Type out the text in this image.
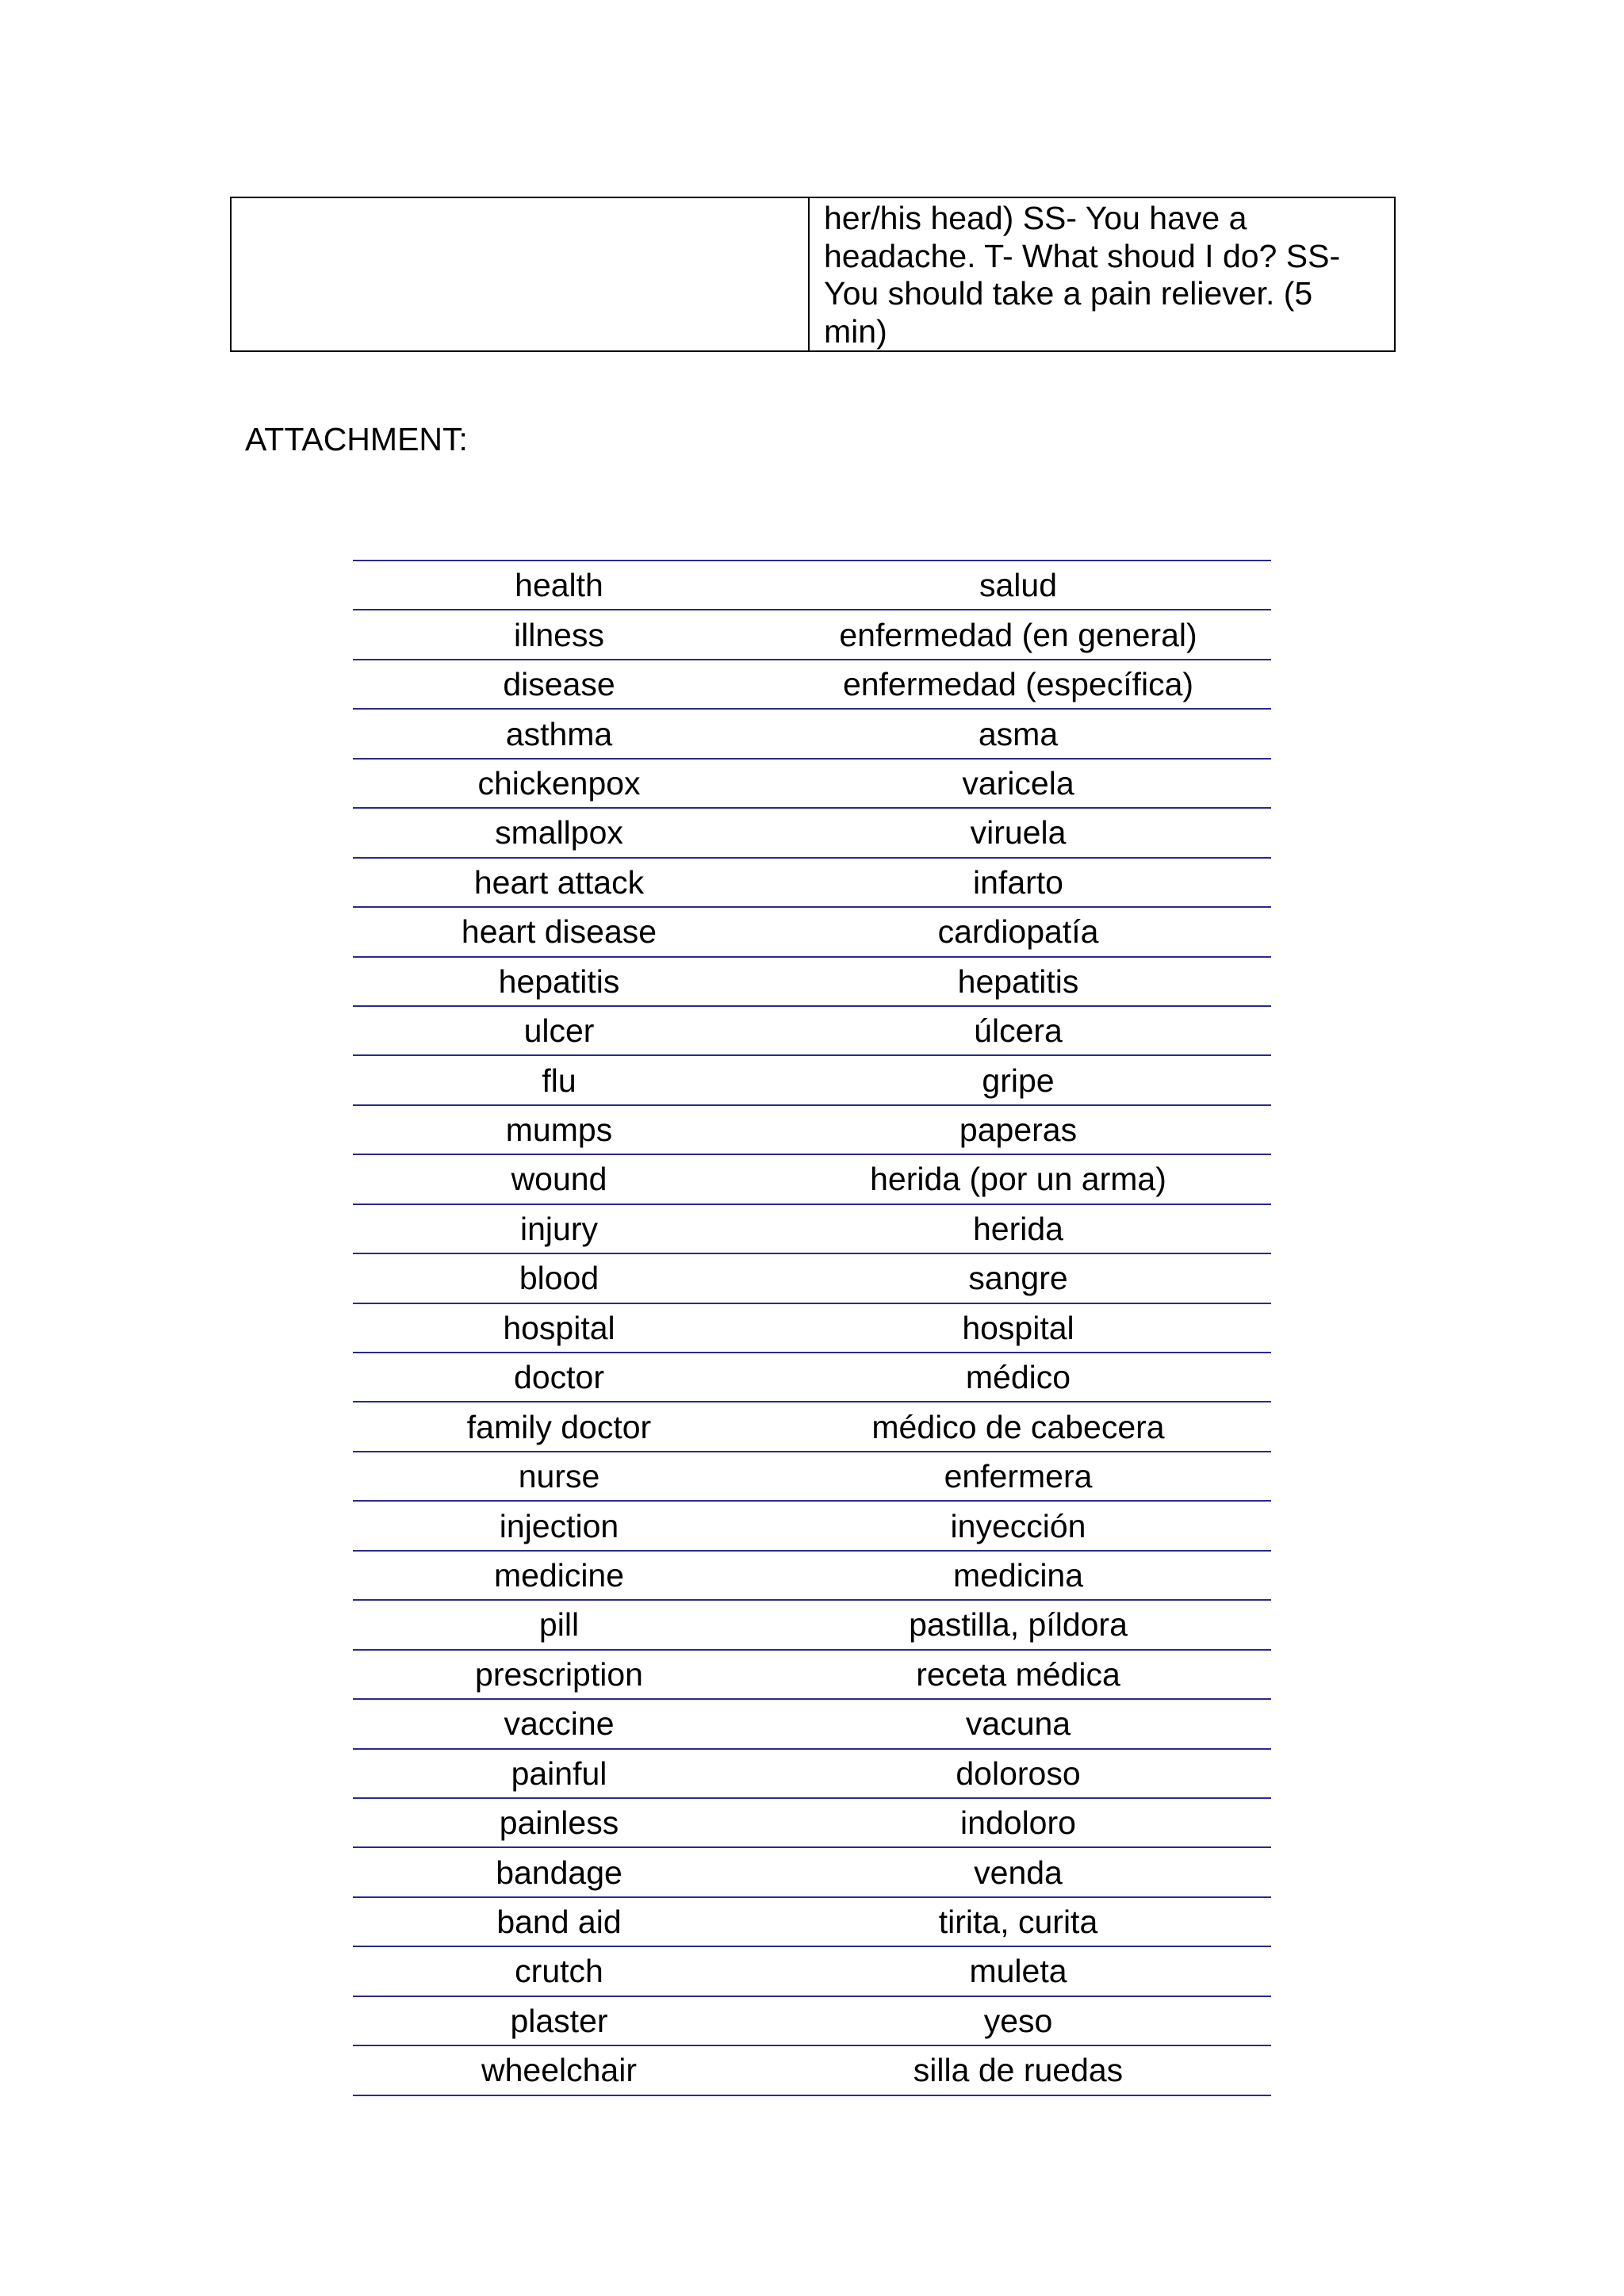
her/his head) SS- You have a
headache. T- What shoud I do? SS-
You should take a pain reliever. (5
min)

ATTACHMENT:
health	salud
illness	enfermedad (en general)
disease	enfermedad (específica)
asthma	asma
chickenpox	varicela
smallpox	viruela
heart attack	infarto
heart disease	cardiopatía
hepatitis	hepatitis
ulcer	úlcera
flu	gripe
mumps	paperas
wound	herida (por un arma)
injury	herida
blood	sangre
hospital	hospital
doctor	médico
family doctor	médico de cabecera
nurse	enfermera
injection	inyección
medicine	medicina
pill	pastilla, píldora
prescription	receta médica
vaccine	vacuna
painful	doloroso
painless	indoloro
bandage	venda
band aid	tirita, curita
crutch	muleta
plaster	yeso
wheelchair	silla de ruedas
